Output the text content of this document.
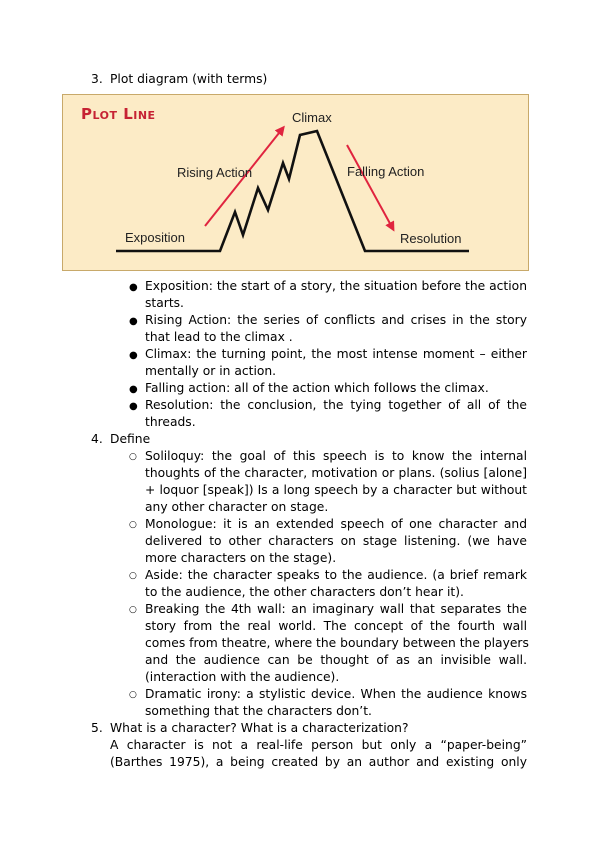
3. Plot diagram (with terms)
Plot Line	Climax
Rising Action	Falling Action
Exposition	Resolution
● Exposition: the start of a story, the situation before the action
starts.
● Rising Action: the series of conflicts and crises in the story
that lead to the climax .
● Climax: the turning point, the most intense moment – either
mentally or in action.
● Falling action: all of the action which follows the climax.
● Resolution: the conclusion, the tying together of all of the
threads.
4. Define
○ Soliloquy: the goal of this speech is to know the internal
thoughts of the character, motivation or plans. (solius [alone]
+ loquor [speak]) Is a long speech by a character but without
any other character on stage.
○ Monologue: it is an extended speech of one character and
delivered to other characters on stage listening. (we have
more characters on the stage).
○ Aside: the character speaks to the audience. (a brief remark
to the audience, the other characters don’t hear it).
○ Breaking the 4th wall: an imaginary wall that separates the
story from the real world. The concept of the fourth wall
comes from theatre, where the boundary between the players
and the audience can be thought of as an invisible wall.
(interaction with the audience).
○ Dramatic irony: a stylistic device. When the audience knows
something that the characters don’t.
5. What is a character? What is a characterization?
A character is not a real-life person but only a “paper-being”
(Barthes 1975), a being created by an author and existing only
